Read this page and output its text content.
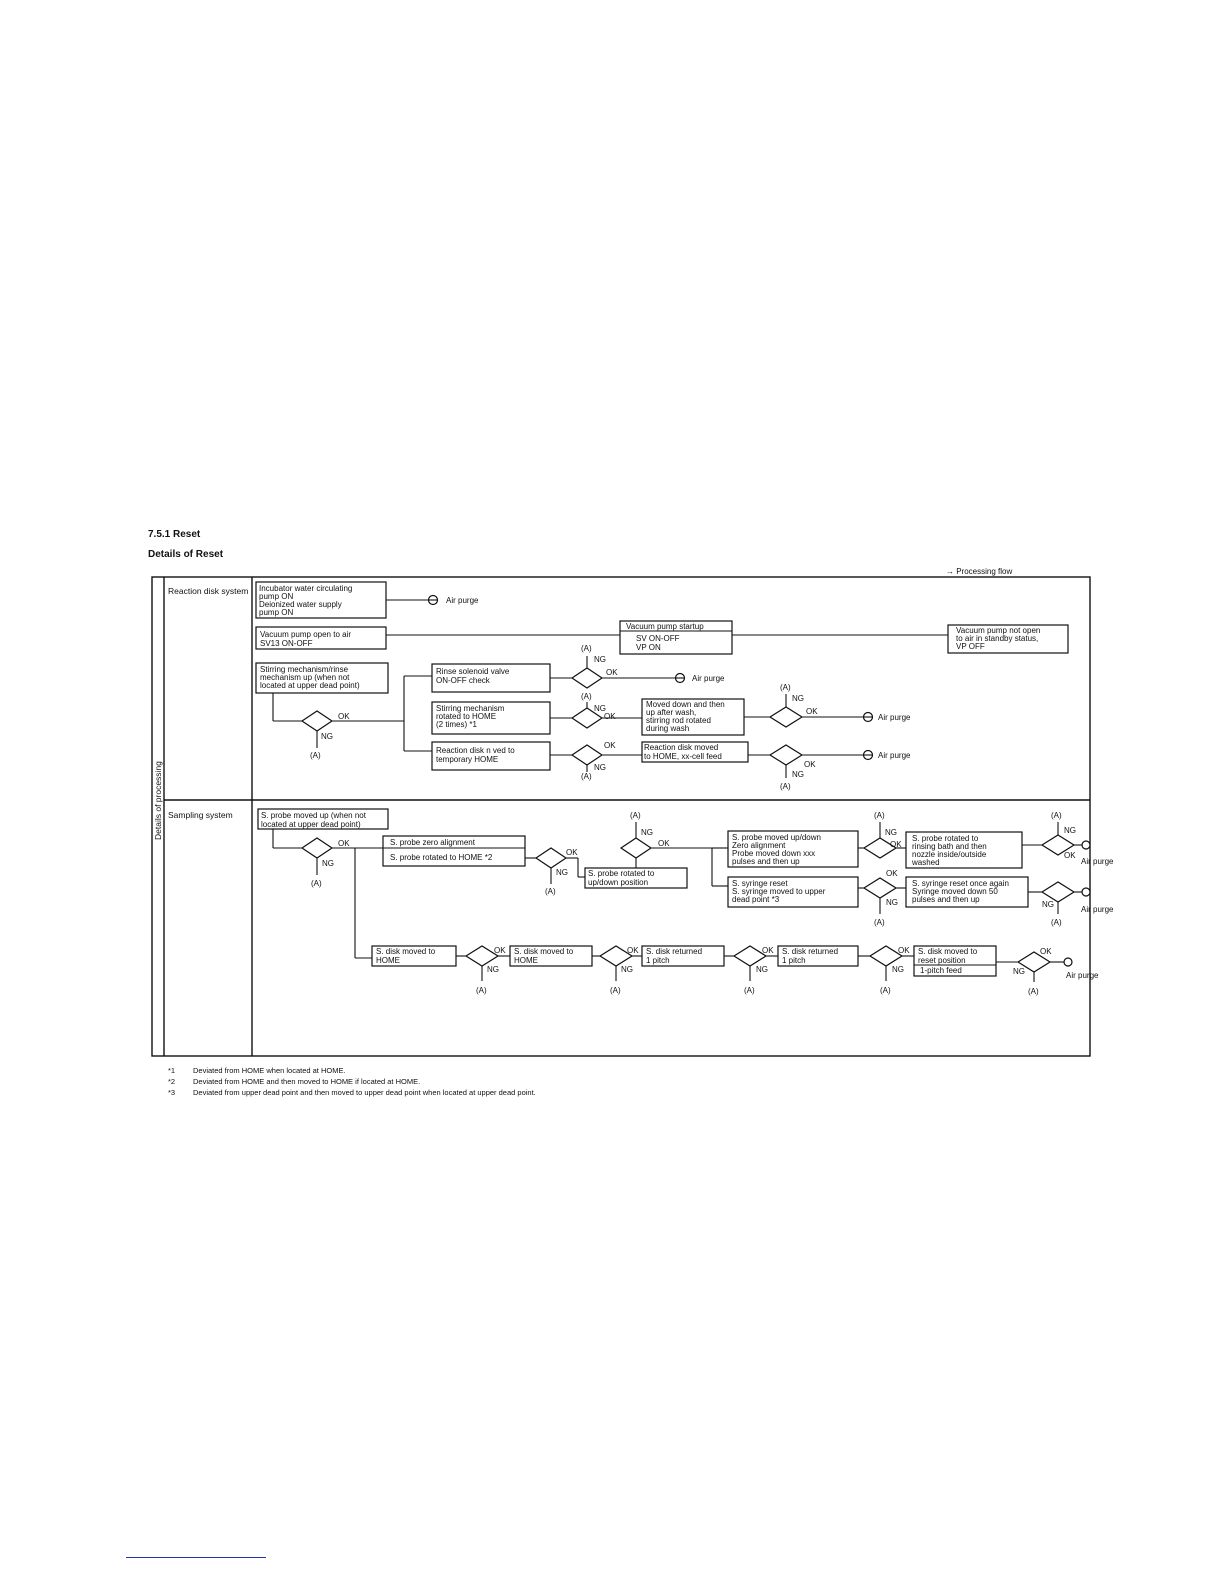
7.5.1 Reset
Details of Reset
→ Processing flow
Details of processing
Reaction disk system
Sampling system
Incubator water circulating pump ON Deionized water supply pump ON
Air purge
Vacuum pump open to air SV13 ON-OFF
Vacuum pump startup SV ON-OFF VP ON
Vacuum pump not open to air in standby status, VP OFF
Stirring mechanism/rinse mechanism up (when not located at upper dead point)
OK
NG
(A)
Rinse solenoid valve ON-OFF check
NG
(A)
OK
Air purge
Stirring mechanism rotated to HOME (2 times) *1
NG
(A)
OK
Moved down and then up after wash, stirring rod rotated during wash
NG
(A)
OK
Air purge
Reaction disk n ved to temporary HOME
OK
NG
(A)
Reaction disk moved to HOME, xx-cell feed
OK
NG
(A)
Air purge
S. probe moved up (when not located at upper dead point)
OK
NG
(A)
S. probe zero alignment
S. probe rotated to HOME *2
OK
NG
(A)
S. probe rotated to up/down position
NG
(A)
OK
S. probe moved up/down Zero alignment Probe moved down xxx pulses and then up
NG
(A)
OK
S. probe rotated to rinsing bath and then nozzle inside/outside washed
NG
(A)
OK
Air purge
S. syringe reset S. syringe moved to upper dead point *3
OK
NG
(A)
S. syringe reset once again Syringe moved down 50 pulses and then up
NG
(A)
Air purge
S. disk moved to HOME
OK
NG
(A)
S. disk moved to HOME
OK
NG
(A)
S. disk returned 1 pitch
OK
NG
(A)
S. disk returned 1 pitch
OK
NG
(A)
S. disk moved to reset position
1-pitch feed
OK
NG
(A)
Air purge
*1 Deviated from HOME when located at HOME.
*2 Deviated from HOME and then moved to HOME if located at HOME.
*3 Deviated from upper dead point and then moved to upper dead point when located at upper dead point.
